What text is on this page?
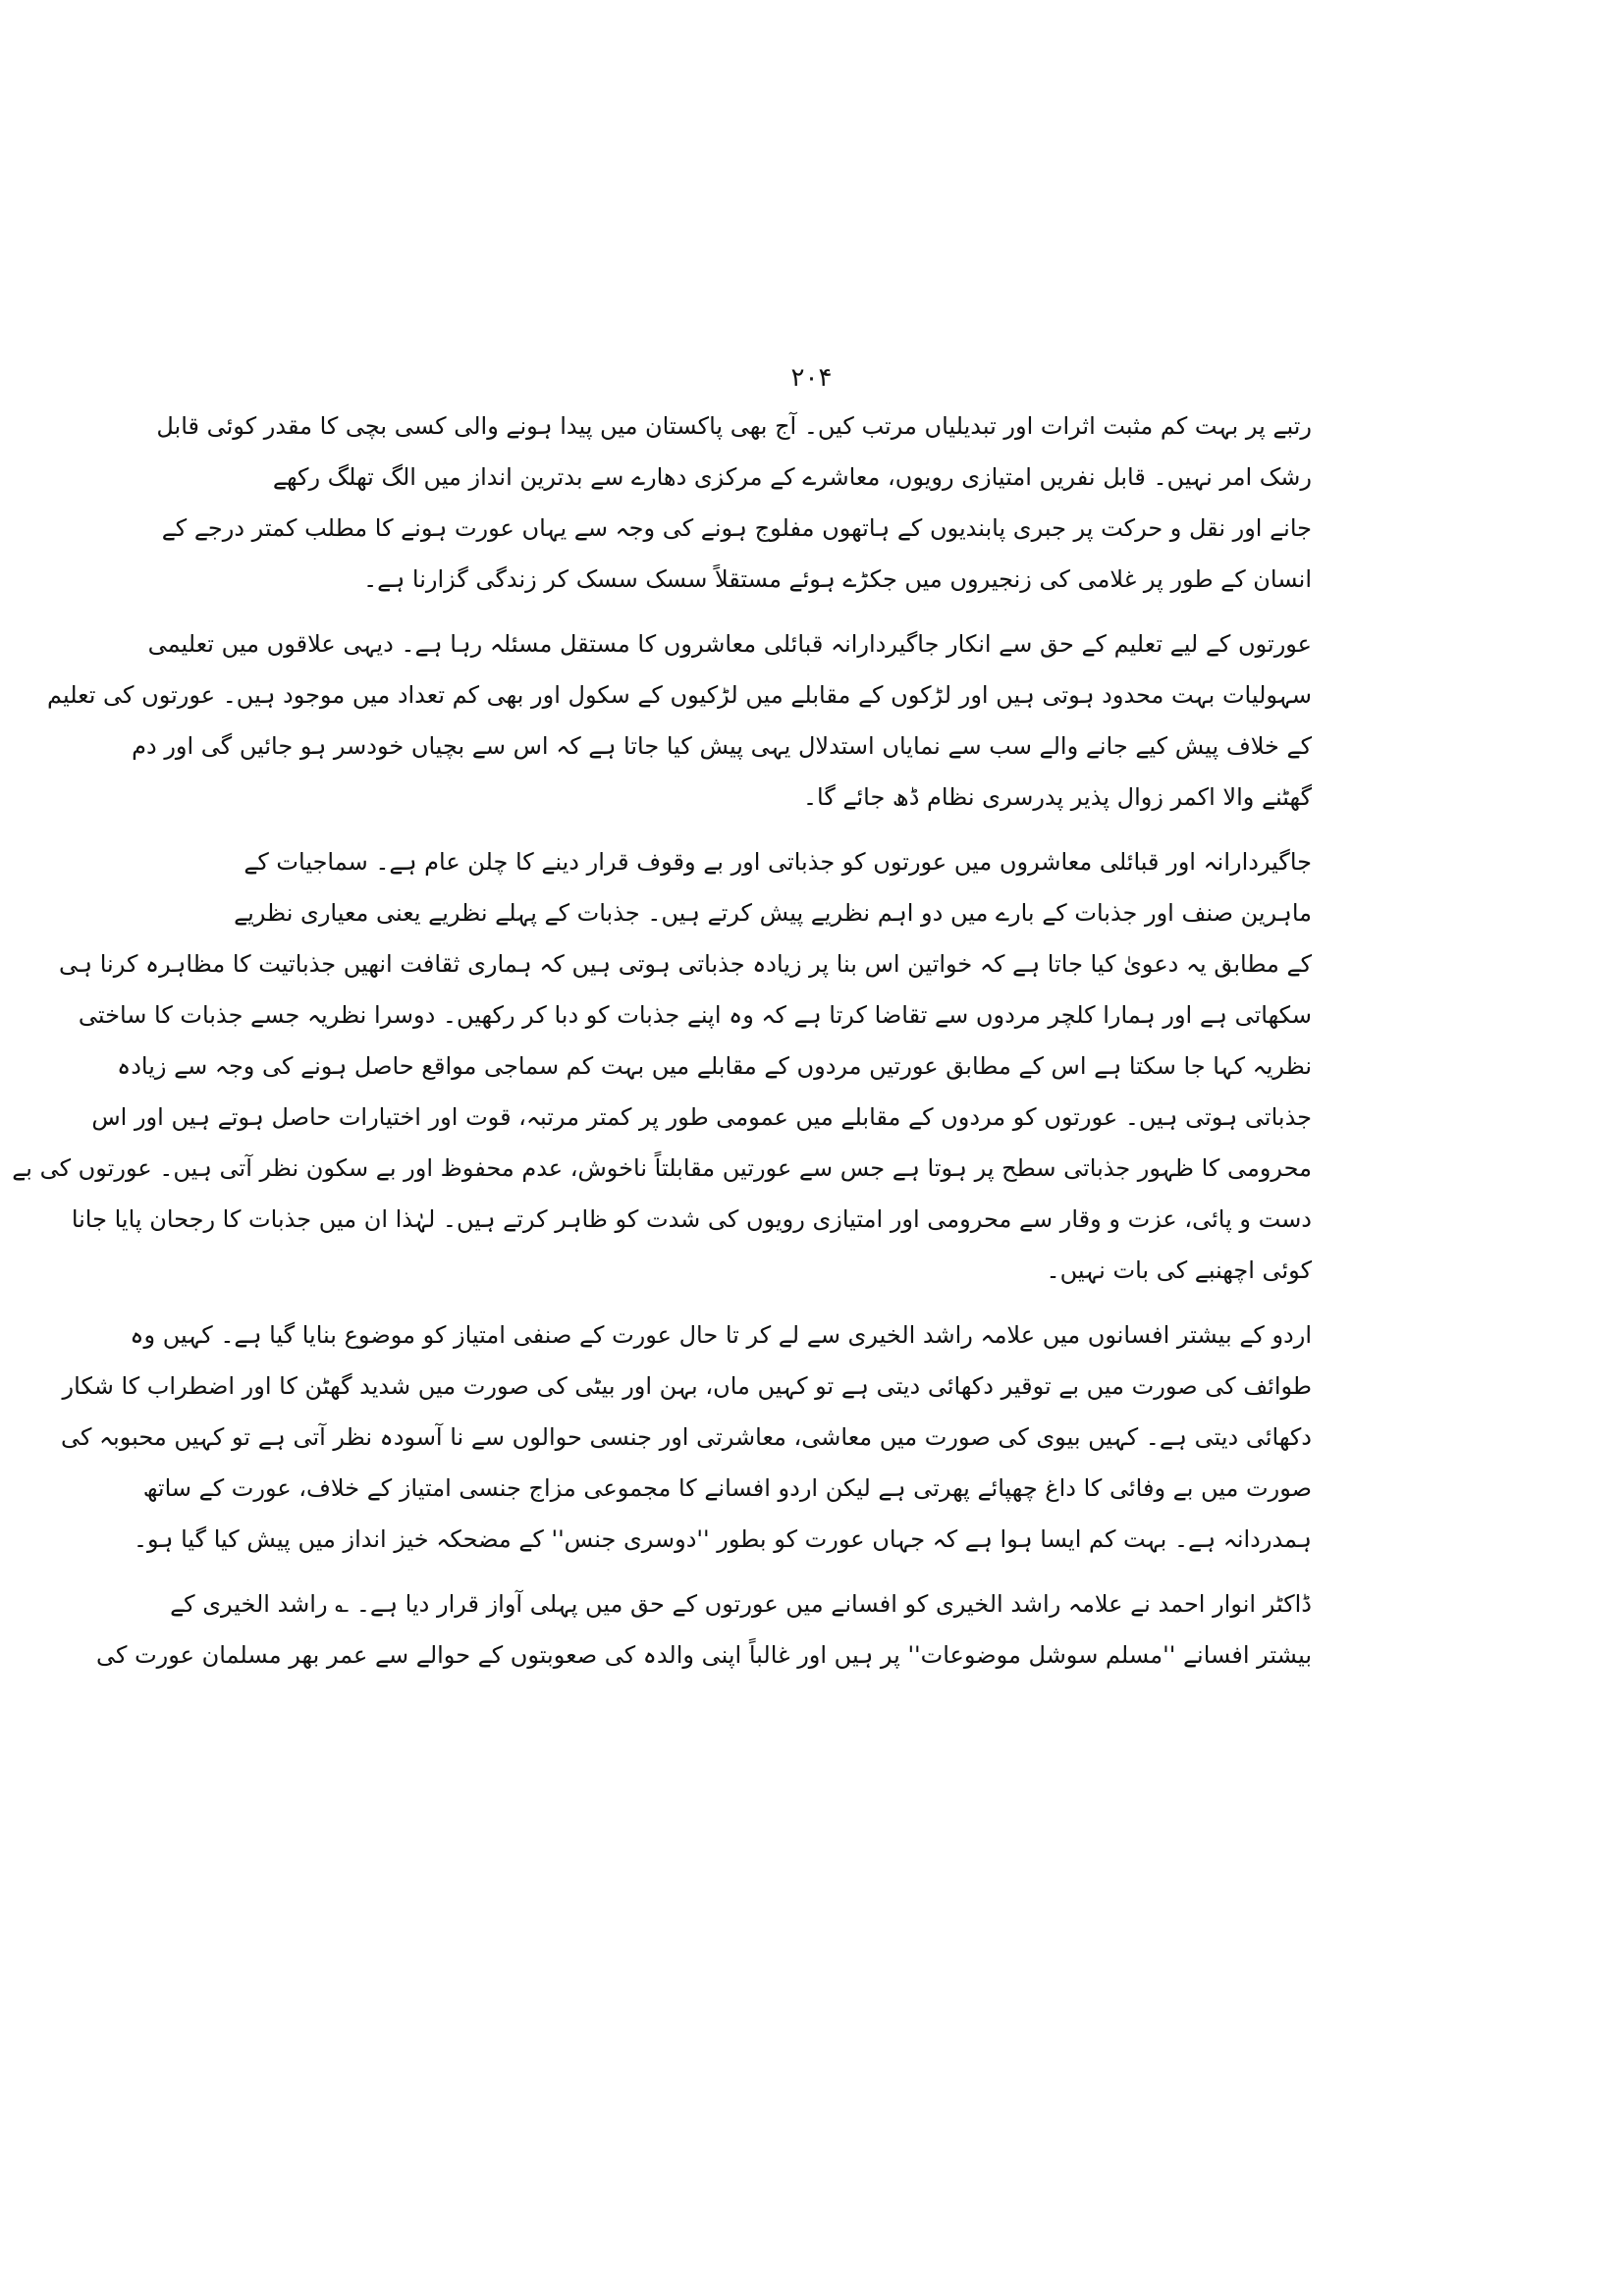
۲۰۴
رتبے پر بہت کم مثبت اثرات اور تبدیلیاں مرتب کیں۔ آج بھی پاکستان میں پیدا ہونے والی کسی بچی کا مقدر کوئی قابل
رشک امر نہیں۔ قابل نفریں امتیازی رویوں، معاشرے کے مرکزی دھارے سے بدترین انداز میں الگ تھلگ رکھے
جانے اور نقل و حرکت پر جبری پابندیوں کے ہاتھوں مفلوج ہونے کی وجہ سے یہاں عورت ہونے کا مطلب کمتر درجے کے
انسان کے طور پر غلامی کی زنجیروں میں جکڑے ہوئے مستقلاً سسک سسک کر زندگی گزارنا ہے۔
عورتوں کے لیے تعلیم کے حق سے انکار جاگیردارانہ قبائلی معاشروں کا مستقل مسئلہ رہا ہے۔ دیہی علاقوں میں تعلیمی
سہولیات بہت محدود ہوتی ہیں اور لڑکوں کے مقابلے میں لڑکیوں کے سکول اور بھی کم تعداد میں موجود ہیں۔ عورتوں کی تعلیم
کے خلاف پیش کیے جانے والے سب سے نمایاں استدلال یہی پیش کیا جاتا ہے کہ اس سے بچیاں خودسر ہو جائیں گی اور دم
گھٹنے والا اکمر زوال پذیر پدرسری نظام ڈھ جائے گا۔
جاگیردارانہ اور قبائلی معاشروں میں عورتوں کو جذباتی اور بے وقوف قرار دینے کا چلن عام ہے۔ سماجیات کے
ماہرین صنف اور جذبات کے بارے میں دو اہم نظریے پیش کرتے ہیں۔ جذبات کے پہلے نظریے یعنی معیاری نظریے
کے مطابق یہ دعویٰ کیا جاتا ہے کہ خواتین اس بنا پر زیادہ جذباتی ہوتی ہیں کہ ہماری ثقافت انھیں جذباتیت کا مظاہرہ کرنا ہی
سکھاتی ہے اور ہمارا کلچر مردوں سے تقاضا کرتا ہے کہ وہ اپنے جذبات کو دبا کر رکھیں۔ دوسرا نظریہ جسے جذبات کا ساختی
نظریہ کہا جا سکتا ہے اس کے مطابق عورتیں مردوں کے مقابلے میں بہت کم سماجی مواقع حاصل ہونے کی وجہ سے زیادہ
جذباتی ہوتی ہیں۔ عورتوں کو مردوں کے مقابلے میں عمومی طور پر کمتر مرتبہ، قوت اور اختیارات حاصل ہوتے ہیں اور اس
محرومی کا ظہور جذباتی سطح پر ہوتا ہے جس سے عورتیں مقابلتاً ناخوش، عدم محفوظ اور بے سکون نظر آتی ہیں۔ عورتوں کی بے
دست و پائی، عزت و وقار سے محرومی اور امتیازی رویوں کی شدت کو ظاہر کرتے ہیں۔ لہٰذا ان میں جذبات کا رجحان پایا جانا
کوئی اچھنبے کی بات نہیں۔
اردو کے بیشتر افسانوں میں علامہ راشد الخیری سے لے کر تا حال عورت کے صنفی امتیاز کو موضوع بنایا گیا ہے۔ کہیں وہ
طوائف کی صورت میں بے توقیر دکھائی دیتی ہے تو کہیں ماں، بہن اور بیٹی کی صورت میں شدید گھٹن کا اور اضطراب کا شکار
دکھائی دیتی ہے۔ کہیں بیوی کی صورت میں معاشی، معاشرتی اور جنسی حوالوں سے نا آسودہ نظر آتی ہے تو کہیں محبوبہ کی
صورت میں بے وفائی کا داغ چھپائے پھرتی ہے لیکن اردو افسانے کا مجموعی مزاج جنسی امتیاز کے خلاف، عورت کے ساتھ
ہمدردانہ ہے۔ بہت کم ایسا ہوا ہے کہ جہاں عورت کو بطور ''دوسری جنس'' کے مضحکہ خیز انداز میں پیش کیا گیا ہو۔
ڈاکٹر انوار احمد نے علامہ راشد الخیری کو افسانے میں عورتوں کے حق میں پہلی آواز قرار دیا ہے۔ ؎ راشد الخیری کے
بیشتر افسانے ''مسلم سوشل موضوعات'' پر ہیں اور غالباً اپنی والدہ کی صعوبتوں کے حوالے سے عمر بھر مسلمان عورت کی
